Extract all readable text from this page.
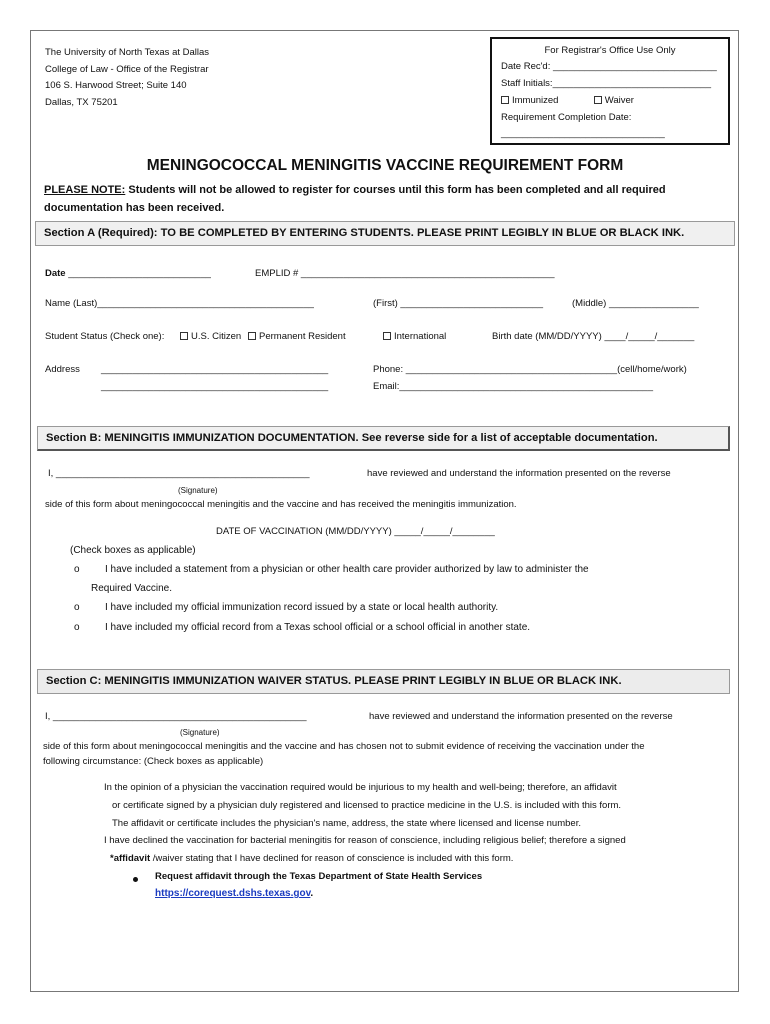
The University of North Texas at Dallas
College of Law - Office of the Registrar
106 S. Harwood Street; Suite 140
Dallas, TX 75201
For Registrar's Office Use Only
Date Rec'd: _______________________________
Staff Initials:______________________________
Immunized	Waiver
Requirement Completion Date:
_______________________________
MENINGOCOCCAL MENINGITIS VACCINE REQUIREMENT FORM
PLEASE NOTE: Students will not be allowed to register for courses until this form has been completed and all required documentation has been received.
Section A (Required): TO BE COMPLETED BY ENTERING STUDENTS. PLEASE PRINT LEGIBLY IN BLUE OR BLACK INK.
Date ___________________________	EMPLID # ________________________________________________
Name (Last)_________________________________________	(First) ___________________________	(Middle) _________________
Student Status (Check one):	U.S. Citizen	Permanent Resident	International	Birth date (MM/DD/YYYY) ____/_____/_______
Address ___________________________________________
___________________________________________
Phone: ________________________________________(cell/home/work)
Email:________________________________________________
Section B: MENINGITIS IMMUNIZATION DOCUMENTATION. See reverse side for a list of acceptable documentation.
I, ________________________________________________	have reviewed and understand the information presented on the reverse
(Signature)
side of this form about meningococcal meningitis and the vaccine and has received the meningitis immunization.
DATE OF VACCINATION (MM/DD/YYYY) _____/_____/________
(Check boxes as applicable)
o	I have included a statement from a physician or other health care provider authorized by law to administer the
Required Vaccine.
o	I have included my official immunization record issued by a state or local health authority.
o	I have included my official record from a Texas school official or a school official in another state.
Section C: MENINGITIS IMMUNIZATION WAIVER STATUS. PLEASE PRINT LEGIBLY IN BLUE OR BLACK INK.
I, ________________________________________________	have reviewed and understand the information presented on the reverse
(Signature)
side of this form about meningococcal meningitis and the vaccine and has chosen not to submit evidence of receiving the vaccination under the
following circumstance: (Check boxes as applicable)
In the opinion of a physician the vaccination required would be injurious to my health and well-being; therefore, an affidavit
or certificate signed by a physician duly registered and licensed to practice medicine in the U.S. is included with this form.
The affidavit or certificate includes the physician's name, address, the state where licensed and license number.
I have declined the vaccination for bacterial meningitis for reason of conscience, including religious belief; therefore a signed
*affidavit /waiver stating that I have declined for reason of conscience is included with this form.
Request affidavit through the Texas Department of State Health Services
https://corequest.dshs.texas.gov.
